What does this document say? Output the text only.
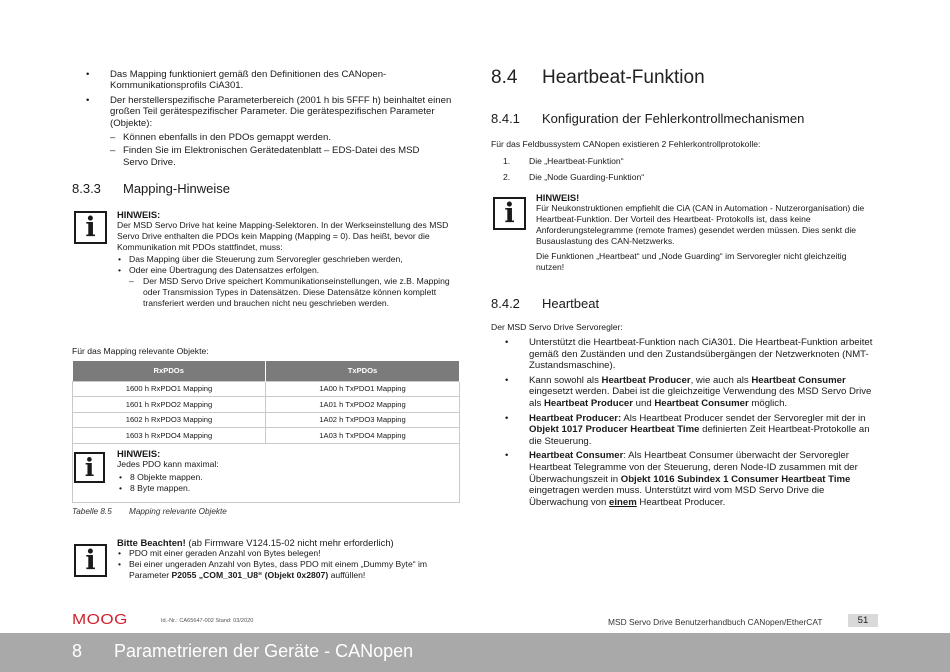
• Das Mapping funktioniert gemäß den Definitionen des CANopen-Kommunikationsprofils CiA301.
• Der herstellerspezifische Parameterbereich (2001 h bis 5FFF h) beinhaltet einen großen Teil gerätespezifischer Parameter. Die gerätespezifischen Parameter (Objekte):
– Können ebenfalls in den PDOs gemappt werden.
– Finden Sie im Elektronischen Gerätedatenblatt – EDS-Datei des MSD Servo Drive.
8.3.3 Mapping-Hinweise
i	HINWEIS:
Der MSD Servo Drive hat keine Mapping-Selektoren. In der Werkseinstellung des MSD Servo Drive enthalten die PDOs kein Mapping (Mapping = 0). Das heißt, bevor die Kommunikation mit PDOs stattfindet, muss:
• Das Mapping über die Steuerung zum Servoregler geschrieben werden,
• Oder eine Übertragung des Datensatzes erfolgen.
– Der MSD Servo Drive speichert Kommunikationseinstellungen, wie z.B. Mapping oder Transmission Types in Datensätzen. Diese Datensätze können komplett transferiert werden und brauchen nicht neu geschrieben werden.
Für das Mapping relevante Objekte:
RxPDOs	TxPDOs
1600 h RxPDO1 Mapping	1A00 h TxPDO1 Mapping
1601 h RxPDO2 Mapping	1A01 h TxPDO2 Mapping
1602 h RxPDO3 Mapping	1A02 h TxPDO3 Mapping
1603 h RxPDO4 Mapping	1A03 h TxPDO4 Mapping
i	HINWEIS:
Jedes PDO kann maximal:
• 8 Objekte mappen.
• 8 Byte mappen.
Tabelle 8.5 Mapping relevante Objekte
i
Bitte Beachten! (ab Firmware V124.15-02 nicht mehr erforderlich)
• PDO mit einer geraden Anzahl von Bytes belegen!
• Bei einer ungeraden Anzahl von Bytes, dass PDO mit einem „Dummy Byte“ im Parameter P2055 „COM_301_U8“ (Objekt 0x2807) auffüllen!
8.4 Heartbeat-Funktion
8.4.1 Konfiguration der Fehlerkontrollmechanismen
Für das Feldbussystem CANopen existieren 2 Fehlerkontrollprotokolle:
1. Die „Heartbeat-Funktion“
2. Die „Node Guarding-Funktion“
i
HINWEIS!
Für Neukonstruktionen empfiehlt die CiA (CAN in Automation - Nutzerorganisation) die Heartbeat-Funktion. Der Vorteil des Heartbeat- Protokolls ist, dass keine Anforderungstelegramme (remote frames) gesendet werden müssen. Dies senkt die Busauslastung des CAN-Netzwerks.
Die Funktionen „Heartbeat“ und „Node Guarding“ im Servoregler nicht gleichzeitig nutzen!
8.4.2 Heartbeat
Der MSD Servo Drive Servoregler:
• Unterstützt die Heartbeat-Funktion nach CiA301. Die Heartbeat-Funktion arbeitet gemäß den Zuständen und den Zustandsübergängen der Netzwerknoten (NMT-Zustandsmaschine).
• Kann sowohl als Heartbeat Producer, wie auch als Heartbeat Consumer eingesetzt werden. Dabei ist die gleichzeitige Verwendung des MSD Servo Drive als Heartbeat Producer und Heartbeat Consumer möglich.
• Heartbeat Producer: Als Heartbeat Producer sendet der Servoregler mit der in Objekt 1017 Producer Heartbeat Time definierten Zeit Heartbeat-Protokolle an die Steuerung.
• Heartbeat Consumer: Als Heartbeat Consumer überwacht der Servoregler Heartbeat Telegramme von der Steuerung, deren Node-ID zusammen mit der Überwachungszeit in Objekt 1016 Subindex 1 Consumer Heartbeat Time eingetragen werden muss. Unterstützt wird vom MSD Servo Drive die Überwachung von einem Heartbeat Producer.
MOOG	Id.-Nr.: CA65647-002 Stand: 03/2020	MSD Servo Drive Benutzerhandbuch CANopen/EtherCAT	51
8 Parametrieren der Geräte - CANopen
